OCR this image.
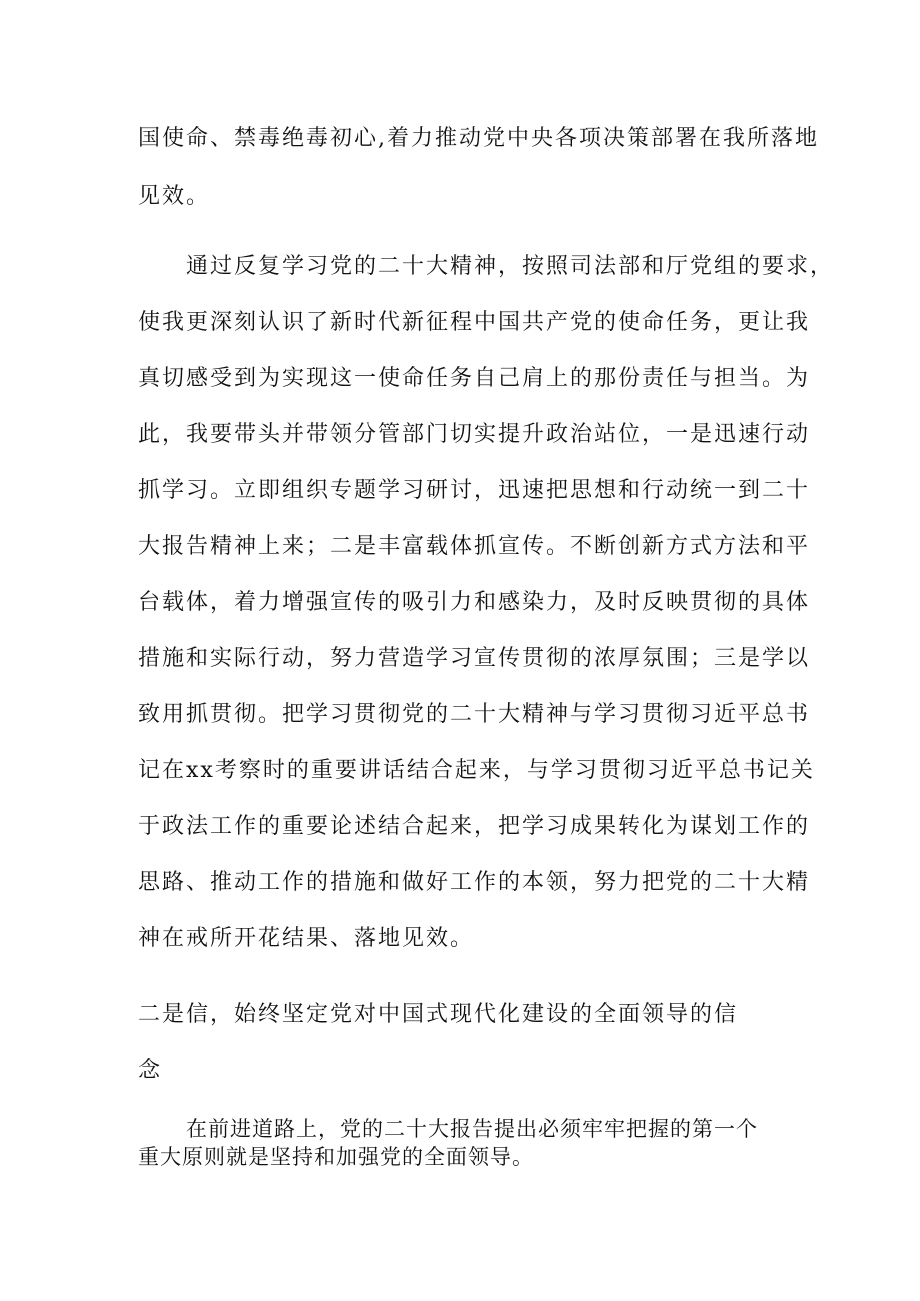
国使命、禁毒绝毒初心,着力推动党中央各项决策部署在我所落地
见效。
通过反复学习党的二十大精神，按照司法部和厅党组的要求，
使我更深刻认识了新时代新征程中国共产党的使命任务，更让我
真切感受到为实现这一使命任务自己肩上的那份责任与担当。为
此，我要带头并带领分管部门切实提升政治站位，一是迅速行动
抓学习。立即组织专题学习研讨，迅速把思想和行动统一到二十
大报告精神上来；二是丰富载体抓宣传。不断创新方式方法和平
台载体，着力增强宣传的吸引力和感染力，及时反映贯彻的具体
措施和实际行动，努力营造学习宣传贯彻的浓厚氛围；三是学以
致用抓贯彻。把学习贯彻党的二十大精神与学习贯彻习近平总书
记在xx考察时的重要讲话结合起来，与学习贯彻习近平总书记关
于政法工作的重要论述结合起来，把学习成果转化为谋划工作的
思路、推动工作的措施和做好工作的本领，努力把党的二十大精
神在戒所开花结果、落地见效。
二是信，始终坚定党对中国式现代化建设的全面领导的信
念
在前进道路上，党的二十大报告提出必须牢牢把握的第一个
重大原则就是坚持和加强党的全面领导。
